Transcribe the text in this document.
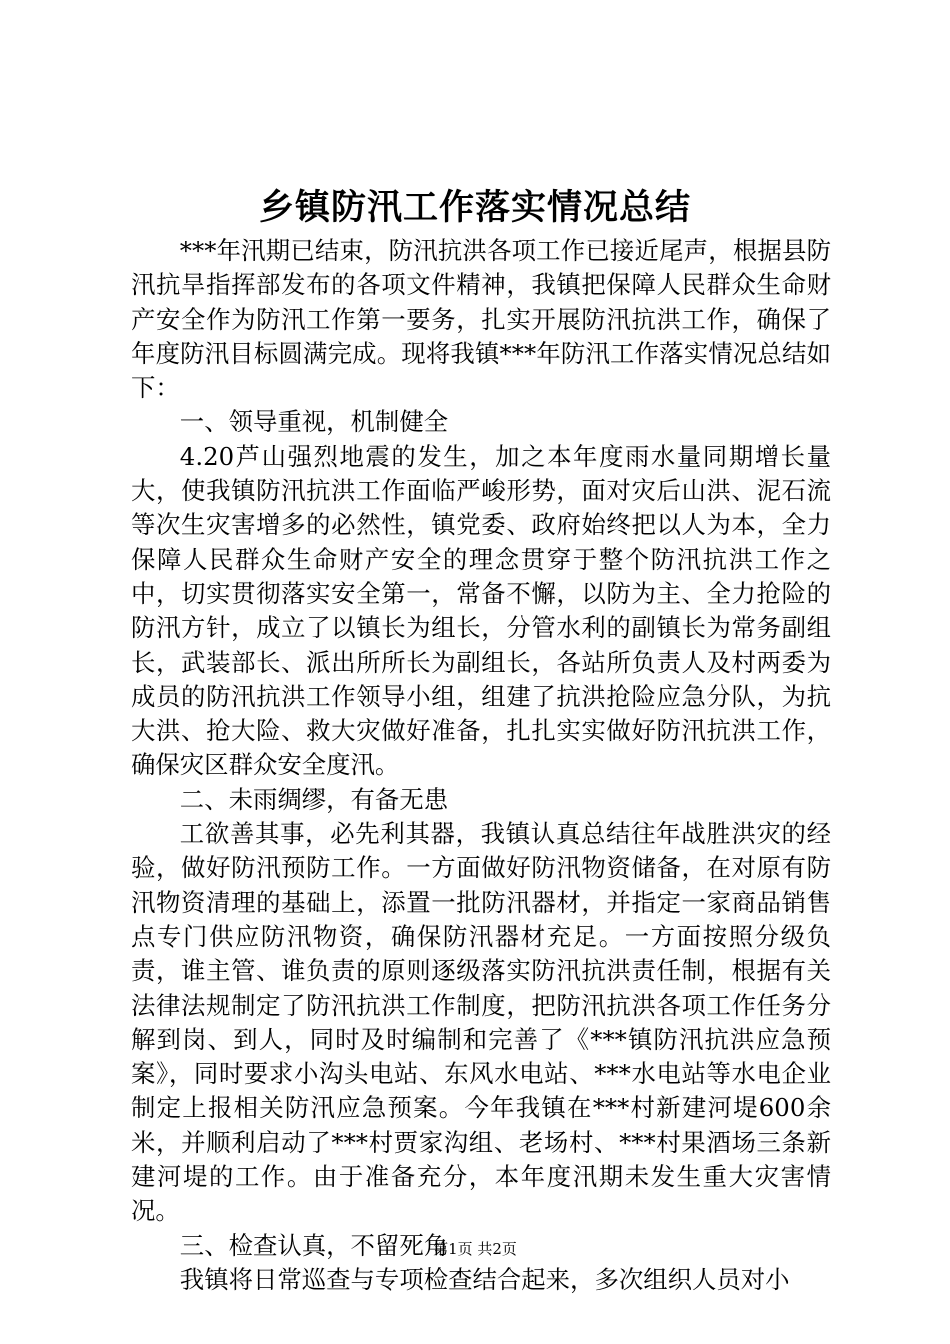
乡镇防汛工作落实情况总结

***年汛期已结束，防汛抗洪各项工作已接近尾声，根据县防汛抗旱指挥部发布的各项文件精神，我镇把保障人民群众生命财产安全作为防汛工作第一要务，扎实开展防汛抗洪工作，确保了年度防汛目标圆满完成。现将我镇***年防汛工作落实情况总结如下：

一、领导重视，机制健全

4.20芦山强烈地震的发生，加之本年度雨水量同期增长量大，使我镇防汛抗洪工作面临严峻形势，面对灾后山洪、泥石流等次生灾害增多的必然性，镇党委、政府始终把以人为本，全力保障人民群众生命财产安全的理念贯穿于整个防汛抗洪工作之中，切实贯彻落实安全第一，常备不懈，以防为主、全力抢险的防汛方针，成立了以镇长为组长，分管水利的副镇长为常务副组长，武装部长、派出所所长为副组长，各站所负责人及村两委为成员的防汛抗洪工作领导小组，组建了抗洪抢险应急分队，为抗大洪、抢大险、救大灾做好准备，扎扎实实做好防汛抗洪工作，确保灾区群众安全度汛。

二、未雨绸缪，有备无患

工欲善其事，必先利其器，我镇认真总结往年战胜洪灾的经验，做好防汛预防工作。一方面做好防汛物资储备，在对原有防汛物资清理的基础上，添置一批防汛器材，并指定一家商品销售点专门供应防汛物资，确保防汛器材充足。一方面按照分级负责，谁主管、谁负责的原则逐级落实防汛抗洪责任制，根据有关法律法规制定了防汛抗洪工作制度，把防汛抗洪各项工作任务分解到岗、到人，同时及时编制和完善了《***镇防汛抗洪应急预案》，同时要求小沟头电站、东风水电站、***水电站等水电企业制定上报相关防汛应急预案。今年我镇在***村新建河堤600余米，并顺利启动了***村贾家沟组、老场村、***村果酒场三条新建河堤的工作。由于准备充分，本年度汛期未发生重大灾害情况。

三、检查认真，不留死角

我镇将日常巡查与专项检查结合起来，多次组织人员对小

第1页 共2页
